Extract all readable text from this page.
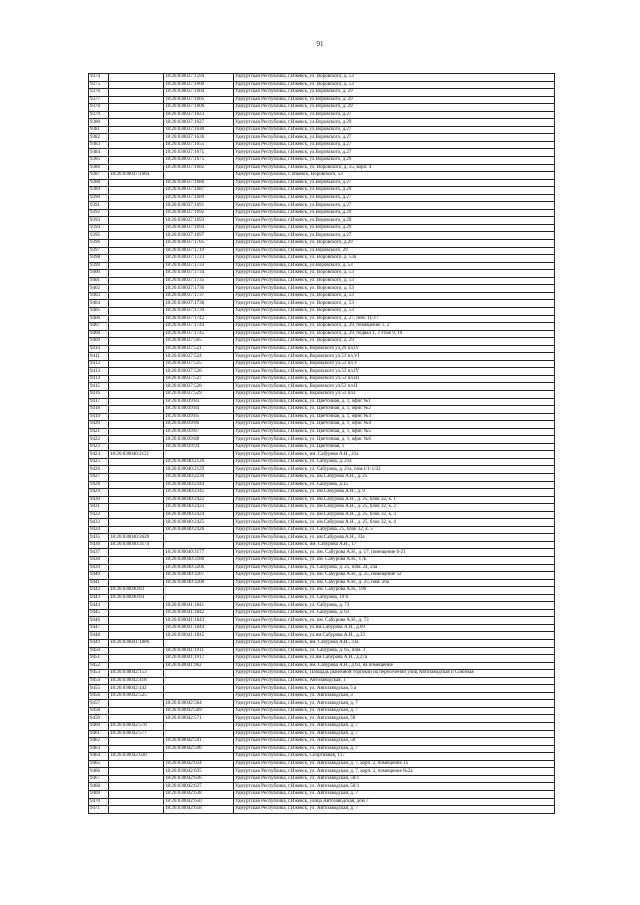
91
9374		18:26:030037:1594	Удмуртская Республика, г.Ижевск, ул. Воровского, д. 53
9375		18:26:030037:1600	Удмуртская Республика, г.Ижевск, ул. Воровского, д. 53
9376		18:26:030037:1604	Удмуртская Республика, г.Ижевск, ул.Воровского, д. 29
9377		18:26:030037:1605	Удмуртская Республика, г.Ижевск, ул.Воровского, д. 29
9378		18:26:030037:1606	Удмуртская Республика, г.Ижевск, ул.Воровского, д. 29
9379		18:26:030037:1623	Удмуртская Республика, г.Ижевск, ул.Воровского, д.27
9380		18:26:030037:1627	Удмуртская Республика, г.Ижевск, ул.Воровского, д.29
9381		18:26:030037:1630	Удмуртская Республика, г.Ижевск, ул.Воровского, д.27
9382		18:26:030037:1636	Удмуртская Республика, г.Ижевск, ул.Воровского, д.27
9383		18:26:030037:1655	Удмуртская Республика, г.Ижевск, ул.Воровского, д.27
9384		18:26:030037:1671	Удмуртская Республика, г.Ижевск, ул.Воровского, д.27
9385		18:26:030037:1675	Удмуртская Республика, г.Ижевск, ул.Воровского, д.29
9386		18:26:030037:1682	Удмуртская Республика, г.Ижевск, ул. Воровского, д. 55, корп. 4
9387	18:26:030037:1684		Удмуртская Республика, г. Ижевск, Воровского, 53
9388		18:26:030037:1686	Удмуртская Республика, г.Ижевск, ул.Воровского, д.27
9389		18:26:030037:1687	Удмуртская Республика, г.Ижевск, ул.Воровского, д.29
9390		18:26:030037:1689	Удмуртская Республика, г.Ижевск, ул.Воровского, д.27
9391		18:26:030037:1691	Удмуртская Республика, г.Ижевск, ул.Воровского, д.27
9392		18:26:030037:1692	Удмуртская Республика, г.Ижевск, ул.Воровского, д.29
9393		18:26:030037:1693	Удмуртская Республика, г.Ижевск, ул.Воровского, д.29
9394		18:26:030037:1694	Удмуртская Республика, г.Ижевск, ул.Воровского, д.29
9395		18:26:030037:1697	Удмуртская Республика, г.Ижевск, ул.Воровского, д.27
9396		18:26:030037:1705	Удмуртская Республика, г.Ижевск, ул. Воровского, д.29
9397		18:26:030037:1719	Удмуртская Республика, г.Ижевск, ул.Воровского, 29
9398		18:26:030037:1723	Удмуртская Республика, г.Ижевск, ул. Воровского, д. 53а
9399		18:26:030037:1733	Удмуртская Республика, г.Ижевск, ул.Воровского, д. 53
9400		18:26:030037:1734	Удмуртская Республика, г.Ижевск, ул. Воровского, д. 53
9401		18:26:030037:1735	Удмуртская Республика, г.Ижевск, ул. Воровского, д. 53
9402		18:26:030037:1736	Удмуртская Республика, г.Ижевск, ул. Воровского, д. 53
9403		18:26:030037:1737	Удмуртская Республика, г.Ижевск, ул. Воровского, д. 53
9404		18:26:030037:1738	Удмуртская Республика, г.Ижевск, ул. Воровского, д. 53
9405		18:26:030037:1739	Удмуртская Республика, г.Ижевск, ул. Воровского, д. 53
9406		18:26:030037:1742	Удмуртская Республика, г.Ижевск, ул. Воровского, д. 27, пом. 11-17
9407		18:26:030037:1744	Удмуртская Республика, г.Ижевск, ул. Воровского, д. 29, помещение 1, 2
9408		18:26:030037:1745	Удмуртская Республика, г.Ижевск, ул. Воровского, д. 29, подвал 1, 3 этаж 9, 10
9409		18:26:030037:505	Удмуртская Республика, г.Ижевск, ул. Воровского, д. 29
9410		18:26:030037:521	Удмуртская Республика, г.Ижевск, Воровского ул,29 пл.IV
9411		18:26:030037:524	Удмуртская Республика, г.Ижевск, Воровского ул.53 пл.VI
9412		18:26:030037:525	Удмуртская Республика, г.Ижевск, Воровского ул.53 пл.V
9413		18:26:030037:526	Удмуртская Республика, г.Ижевск, Воровского ул.53 пл.IV
9414		18:26:030037:527	Удмуртская Республика, г.Ижевск, Воровского ул.53 пл.III
9415		18:26:030037:528	Удмуртская Республика, г.Ижевск, Воровского ул.53 пл.II
9416		18:26:030037:529	Удмуртская Республика, г.Ижевск, Воровского ул.53 пл.I
9417		18:26:030039:83	Удмуртская Республика, г.Ижевск, ул. Цветочная, д. 1, офис №1
9418		18:26:030039:84	Удмуртская Республика, г.Ижевск, ул. Цветочная, д. 1, офис №2
9419		18:26:030039:85	Удмуртская Республика, г.Ижевск, ул. Цветочная, д. 1, офис №3
9420		18:26:030039:86	Удмуртская Республика, г.Ижевск, ул. Цветочная, д. 1, офис №4
9421		18:26:030039:87	Удмуртская Республика, г.Ижевск, ул. Цветочная, д. 1, офис №5
9422		18:26:030039:88	Удмуртская Республика, г.Ижевск, ул. Цветочная, д. 1, офис №6
9423		18:26:030039:94	Удмуртская Республика, г.Ижевск, ул. Цветочная, 1
9424	18:26:030040:2121		Удмуртская Республика, г.Ижевск, им. Сабурова А.Н., 21а
9425		18:26:030040:2126	Удмуртская Республика, г.Ижевск, ул. Сабурова, д. 21а
9426		18:26:030040:2129	Удмуртская Республика, г.Ижевск, ул. Сабурова, д. 21а, пом.1/1-1/32
9427		18:26:030040:2230	Удмуртская Республика, г.Ижевск, ул. им.Сабурова А.Н., д. 25
9428		18:26:030040:2344	Удмуртская Республика, г.Ижевск, ул. Сабурова, д.15
9429		18:26:030040:2345	Удмуртская Республика, г.Ижевск, ул. им.Сабурова А.Н., д. 9
9430		18:26:030040:2422	Удмуртская Республика, г.Ижевск, ул. им.Сабурова А.Н., д. 25, блок 32, к. 1
9431		18:26:030040:2423	Удмуртская Республика, г.Ижевск, ул. им.Сабурова А.Н., д. 25, блок 32, к. 2
9432		18:26:030040:2424	Удмуртская Республика, г.Ижевск, ул. им.Сабурова А.Н., д. 25, блок 32, к. 3
9433		18:26:030040:2425	Удмуртская Республика, г.Ижевск, ул. им.Сабурова А.Н., д. 25, блок 32, к. 4
9434		18:26:030040:2426	Удмуртская Республика, г.Ижевск, ул. Сабурова, 25, блок 32, к. 5
9435	18:26:030040:2620		Удмуртская Республика, г.Ижевск, ул. им.Сабурова А.Н., 33а
9436	18:26:030040:3174		Удмуртская Республика, г.Ижевск, им. Сабурова А.Н., 17
9437		18:26:030040:3177	Удмуртская Республика, г.Ижевск, ул. им. Сабурова А.Н., д. 17, помещение 6-21
9438		18:26:030040:3180	Удмуртская Республика, г.Ижевск, ул. им. Сабурова А.Н., 17Б
9439		18:26:030040:3206	Удмуртская Республика, г.Ижевск, ул. Сабурова, д. 25, пом. 24, 24а
9440		18:26:030040:3207	Удмуртская Республика, г.Ижевск, ул. им. Сабурова А.Н., д. 25, помещение 52
9441		18:26:030040:3208	Удмуртская Республика, г.Ижевск, ул. им. Сабурова А.Н., д. 25, пом. 26а
9442	18:26:030040:83		Удмуртская Республика, г.Ижевск, ул. им. Сабурова А.Н., 19б
9443	18:26:030040:84		Удмуртская Республика, г.Ижевск, ул. Сабурова, 19 б
9444		18:26:030041:1841	Удмуртская Республика, г.Ижевск, ул. Сабурова, д. 73
9445		18:26:030041:1842	Удмуртская Республика, г.Ижевск, ул. Сабурова, д. 63
9446		18:26:030041:1843	Удмуртская Республика, г.Ижевск, ул. им. Сабурова А.Н., д. 73
9447		18:26:030041:1844	Удмуртская Республика, г.Ижевск, ул.им.Сабурова А.Н., д.69
9448		18:26:030041:1845	Удмуртская Республика, г.Ижевск, ул.им.Сабурова А.Н., д.33
9449	18:26:030041:1886		Удмуртская Республика, г.Ижевск, им. Сабурова А.Н., 33а
9450		18:26:030041:1911	Удмуртская Республика, г.Ижевск, ул. Сабурова, д. 65, пом. 3
9451		18:26:030041:1917	Удмуртская Республика, г.Ижевск, ул.им.Сабурова А.Н., д.27а
9452		18:26:030041:962	Удмуртская Республика, г.Ижевск, им. Сабурова А.Н., д.63, на помещение
9453	18:26:030042:153		Удмуртская Республика, г.Ижевск, Площадь рыночной торговли на пересечении улиц Автозаводская и Союзная
9454	18:26:030042:418		Удмуртская Республика, г.Ижевск, Автозаводская, 1
9455	18:26:030042:442		Удмуртская Республика, г.Ижевск, ул. Автозаводская, 5 а
9456	18:26:030042:525		Удмуртская Республика, г.Ижевск, ул. Автозаводская, 3
9457		18:26:030042:564	Удмуртская Республика, г.Ижевск, ул. Автозаводская, д. 7
9458		18:26:030042:569	Удмуртская Республика, г.Ижевск, ул. Автозаводская, д. 7
9459		18:26:030042:571	Удмуртская Республика, г.Ижевск, ул. Автозаводская, 50
9460	18:26:030042:576		Удмуртская Республика, г.Ижевск, ул. Автозаводская, д. 7
9461	18:26:030042:577		Удмуртская Республика, г.Ижевск, ул. Автозаводская, д. 7
9462		18:26:030042:591	Удмуртская Республика, г.Ижевск, ул. Автозаводская, 50
9463		18:26:030042:596	Удмуртская Республика, г.Ижевск, ул. Автозаводская, д. 7
9464	18:26:030042:630		Удмуртская Республика, г.Ижевск, Спортивная, 117
9465		18:26:030042:634	Удмуртская Республика, г.Ижевск, ул. Автозаводская, д. 7, корп. 2, помещение 1а
9466		18:26:030042:635	Удмуртская Республика, г.Ижевск, ул. Автозаводская, д. 7, корп. 2, помещение №2а
9467		18:26:030042:636	Удмуртская Республика, г.Ижевск, ул. Автозаводская, 50/1
9468		18:26:030042:637	Удмуртская Республика, г.Ижевск, ул. Автозаводская, 50/1
9469		18:26:030042:638	Удмуртская Республика, г.Ижевск, ул. Автозаводская, д. 7
9470		18:26:030042:650	Удмуртская Республика, г.Ижевск, улица Автозаводская, дом 7
9471		18:26:030042:658	Удмуртская Республика, г.Ижевск, ул. Автозаводская, д. 7
